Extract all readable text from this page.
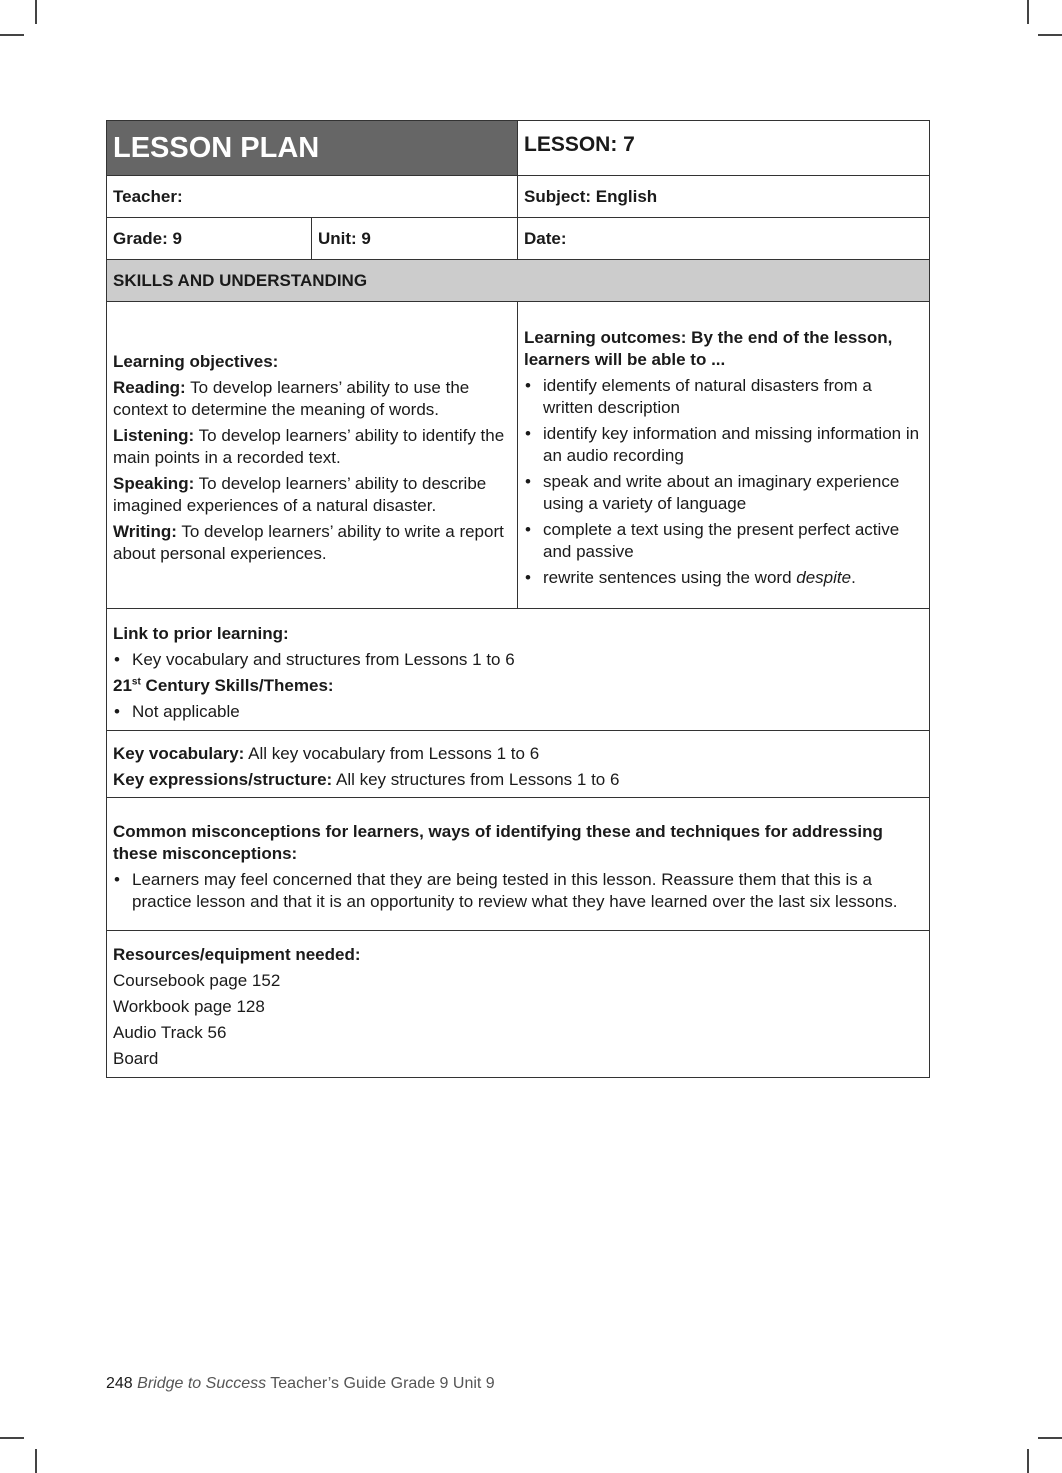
LESSON PLAN		LESSON: 7
Teacher:		Subject: English
Grade: 9	Unit: 9	Date:
SKILLS AND UNDERSTANDING		

Learning objectives:

Reading: To develop learners’ ability to use the context to determine the meaning of words.

Listening: To develop learners’ ability to identify the main points in a recorded text.

Speaking: To develop learners’ ability to describe imagined experiences of a natural disaster.

Writing: To develop learners’ ability to write a report about personal experiences.

Learning outcomes: By the end of the lesson, learners will be able to ...

• identify elements of natural disasters from a written description
• identify key information and missing information in an audio recording
• speak and write about an imaginary experience using a variety of language
• complete a text using the present perfect active and passive
• rewrite sentences using the word despite.

Link to prior learning:

• Key vocabulary and structures from Lessons 1 to 6

21st Century Skills/Themes:

• Not applicable

Key vocabulary: All key vocabulary from Lessons 1 to 6

Key expressions/structure: All key structures from Lessons 1 to 6		

Common misconceptions for learners, ways of identifying these and techniques for addressing these misconceptions:

• Learners may feel concerned that they are being tested in this lesson. Reassure them that this is a practice lesson and that it is an opportunity to review what they have learned over the last six lessons.

Resources/equipment needed:

Coursebook page 152

Workbook page 128

Audio Track 56

Board		

248 Bridge to Success Teacher’s Guide Grade 9 Unit 9
